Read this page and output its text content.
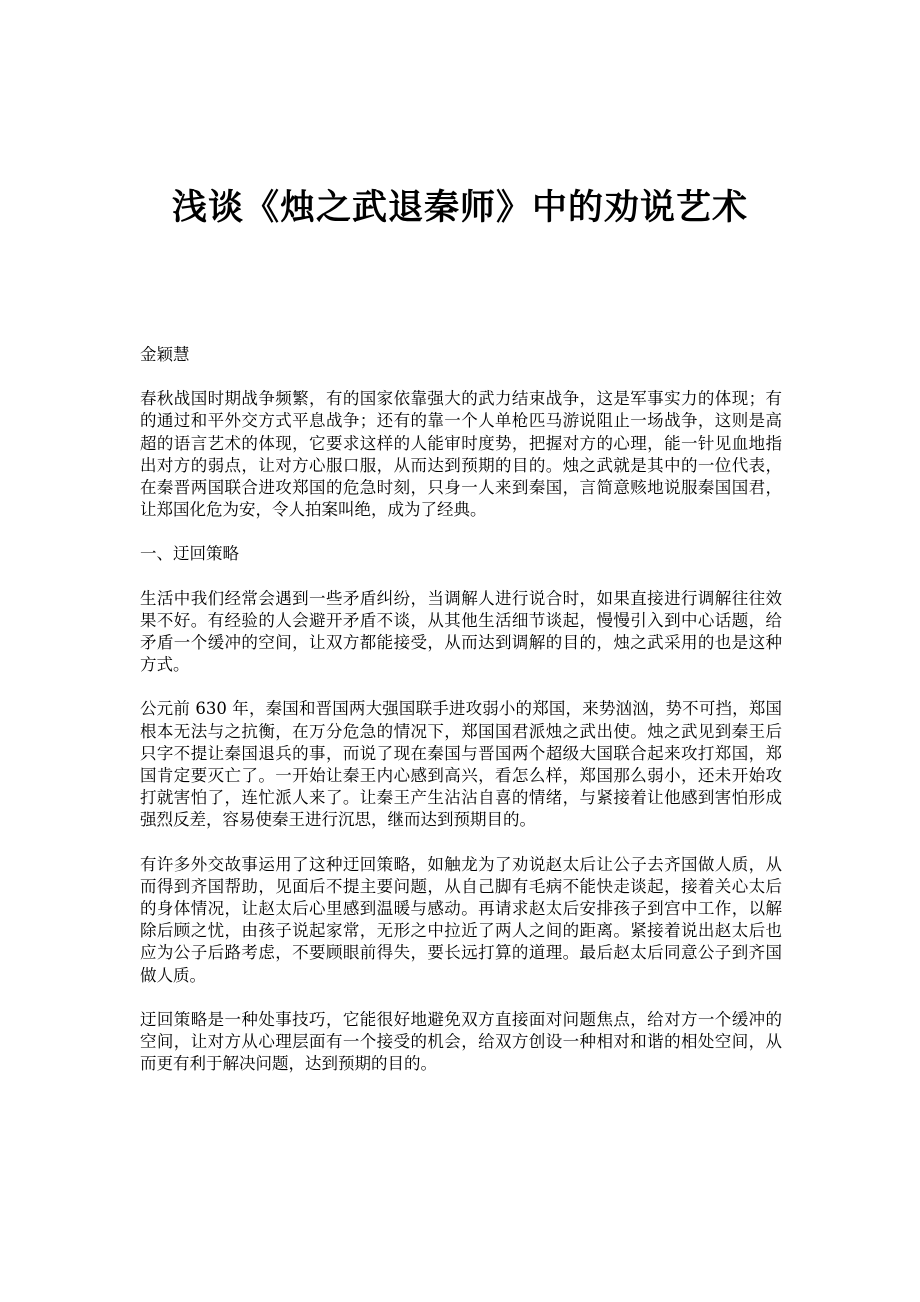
浅谈《烛之武退秦师》中的劝说艺术

金颖慧

春秋战国时期战争频繁，有的国家依靠强大的武力结束战争，这是军事实力的体现；有的通过和平外交方式平息战争；还有的靠一个人单枪匹马游说阻止一场战争，这则是高超的语言艺术的体现，它要求这样的人能审时度势，把握对方的心理，能一针见血地指出对方的弱点，让对方心服口服，从而达到预期的目的。烛之武就是其中的一位代表，在秦晋两国联合进攻郑国的危急时刻，只身一人来到秦国，言简意赅地说服秦国国君，让郑国化危为安，令人拍案叫绝，成为了经典。

一、迂回策略

生活中我们经常会遇到一些矛盾纠纷，当调解人进行说合时，如果直接进行调解往往效果不好。有经验的人会避开矛盾不谈，从其他生活细节谈起，慢慢引入到中心话题，给矛盾一个缓冲的空间，让双方都能接受，从而达到调解的目的，烛之武采用的也是这种方式。

公元前 630 年，秦国和晋国两大强国联手进攻弱小的郑国，来势汹汹，势不可挡，郑国根本无法与之抗衡，在万分危急的情况下，郑国国君派烛之武出使。烛之武见到秦王后只字不提让秦国退兵的事，而说了现在秦国与晋国两个超级大国联合起来攻打郑国，郑国肯定要灭亡了。一开始让秦王内心感到高兴，看怎么样，郑国那么弱小，还未开始攻打就害怕了，连忙派人来了。让秦王产生沾沾自喜的情绪，与紧接着让他感到害怕形成强烈反差，容易使秦王进行沉思，继而达到预期目的。

有许多外交故事运用了这种迂回策略，如触龙为了劝说赵太后让公子去齐国做人质，从而得到齐国帮助，见面后不提主要问题，从自己脚有毛病不能快走谈起，接着关心太后的身体情况，让赵太后心里感到温暖与感动。再请求赵太后安排孩子到宫中工作，以解除后顾之忧，由孩子说起家常，无形之中拉近了两人之间的距离。紧接着说出赵太后也应为公子后路考虑，不要顾眼前得失，要长远打算的道理。最后赵太后同意公子到齐国做人质。

迂回策略是一种处事技巧，它能很好地避免双方直接面对问题焦点，给对方一个缓冲的空间，让对方从心理层面有一个接受的机会，给双方创设一种相对和谐的相处空间，从而更有利于解决问题，达到预期的目的。
